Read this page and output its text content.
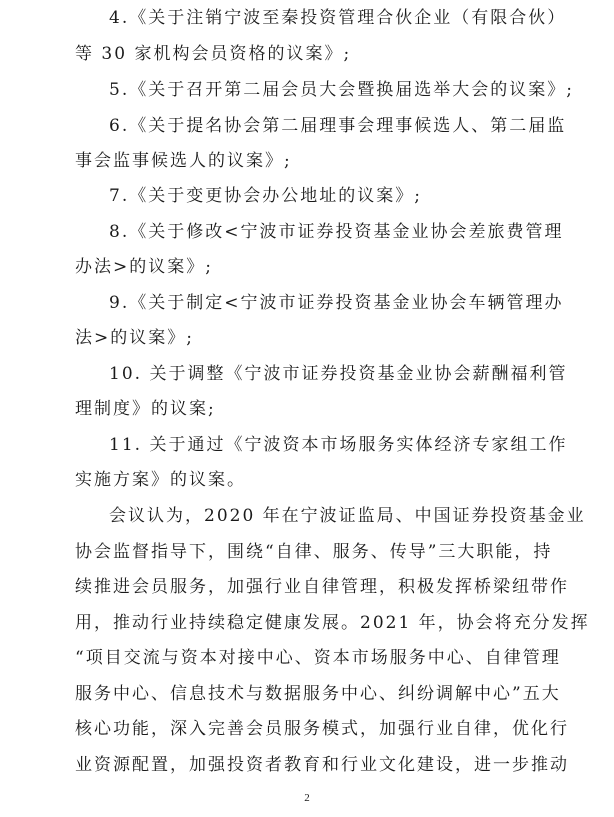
4.《关于注销宁波至秦投资管理合伙企业（有限合伙）
等 30 家机构会员资格的议案》;
5.《关于召开第二届会员大会暨换届选举大会的议案》;
6.《关于提名协会第二届理事会理事候选人、第二届监
事会监事候选人的议案》;
7.《关于变更协会办公地址的议案》;
8.《关于修改<宁波市证券投资基金业协会差旅费管理
办法>的议案》;
9.《关于制定<宁波市证券投资基金业协会车辆管理办
法>的议案》;
10. 关于调整《宁波市证券投资基金业协会薪酬福利管
理制度》的议案;
11. 关于通过《宁波资本市场服务实体经济专家组工作
实施方案》的议案。
会议认为，2020 年在宁波证监局、中国证券投资基金业
协会监督指导下，围绕“自律、服务、传导”三大职能，持
续推进会员服务，加强行业自律管理，积极发挥桥梁纽带作
用，推动行业持续稳定健康发展。2021 年，协会将充分发挥
“项目交流与资本对接中心、资本市场服务中心、自律管理
服务中心、信息技术与数据服务中心、纠纷调解中心”五大
核心功能，深入完善会员服务模式，加强行业自律，优化行
业资源配置，加强投资者教育和行业文化建设，进一步推动
2
